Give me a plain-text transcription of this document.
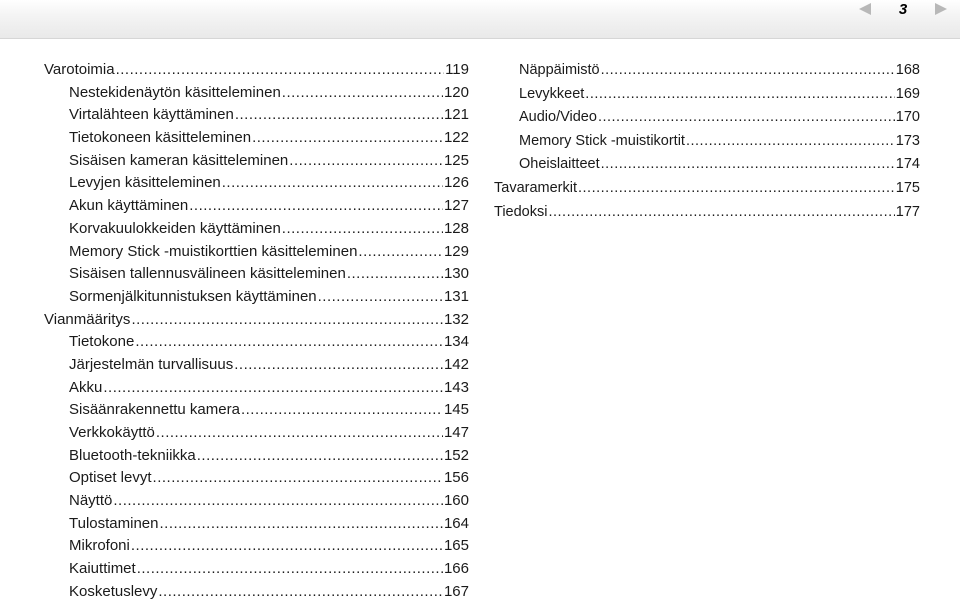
3
Varotoimia .....	119
Nestekidenäytön käsitteleminen .....	120
Virtalähteen käyttäminen .....	121
Tietokoneen käsitteleminen .....	122
Sisäisen kameran käsitteleminen .....	125
Levyjen käsitteleminen .....	126
Akun käyttäminen .....	127
Korvakuulokkeiden käyttäminen .....	128
Memory Stick -muistikorttien käsitteleminen .....	129
Sisäisen tallennusvälineen käsitteleminen .....	130
Sormenjälkitunnistuksen käyttäminen .....	131
Vianmääritys .....	132
Tietokone .....	134
Järjestelmän turvallisuus .....	142
Akku .....	143
Sisäänrakennettu kamera .....	145
Verkkokäyttö .....	147
Bluetooth-tekniikka .....	152
Optiset levyt .....	156
Näyttö .....	160
Tulostaminen .....	164
Mikrofoni .....	165
Kaiuttimet .....	166
Kosketuslevy .....	167
Näppäimistö .....	168
Levykkeet .....	169
Audio/Video .....	170
Memory Stick -muistikortit .....	173
Oheislaitteet .....	174
Tavaramerkit .....	175
Tiedoksi .....	177
